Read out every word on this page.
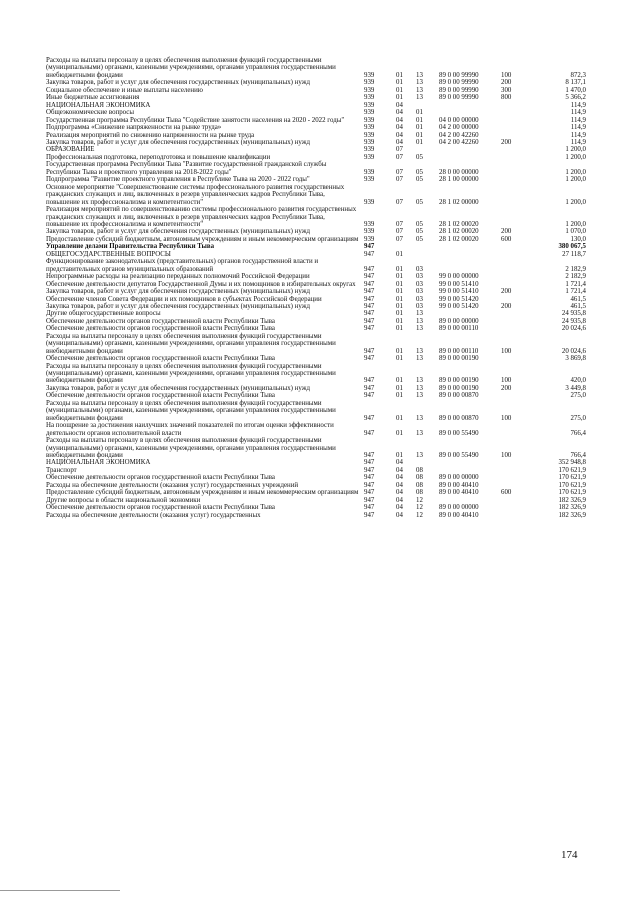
Расходы на выплаты персоналу в целях обеспечения выполнения функций государственными (муниципальными) органами, казенными учреждениями, органами управления государственными внебюджетными фондами	939	01	13	89 0 00 99990	100	872,3
Закупка товаров, работ и услуг для обеспечения государственных (муниципальных) нужд	939	01	13	89 0 00 99990	200	8 137,1
Социальное обеспечение и иные выплаты населению	939	01	13	89 0 00 99990	300	1 470,0
Иные бюджетные ассигнования	939	01	13	89 0 00 99990	800	5 366,2
НАЦИОНАЛЬНАЯ ЭКОНОМИКА	939	04				114,9
Общеэкономические вопросы	939	04	01			114,9
Государственная программа Республики Тыва "Содействие занятости населения на 2020 - 2022 годы"	939	04	01	04 0 00 00000		114,9
Подпрограмма «Снижение напряженности на рынке труда»	939	04	01	04 2 00 00000		114,9
Реализация мероприятий по снижению напряженности на рынке труда	939	04	01	04 2 00 42260		114,9
Закупка товаров, работ и услуг для обеспечения государственных (муниципальных) нужд	939	04	01	04 2 00 42260	200	114,9
ОБРАЗОВАНИЕ	939	07				1 200,0
Профессиональная подготовка, переподготовка и повышение квалификации	939	07	05			1 200,0
Государственная программа Республики Тыва "Развитие государственной гражданской службы Республики Тыва и проектного управления на 2018-2022 годы"	939	07	05	28 0 00 00000		1 200,0
Подпрограмма "Развитие проектного управления в Республике Тыва на 2020 - 2022 годы"	939	07	05	28 1 00 00000		1 200,0
Основное мероприятие "Совершенствование системы профессионального развития государственных гражданских служащих и лиц, включенных в резерв управленческих кадров Республики Тыва, повышение их профессионализма и компетентности"	939	07	05	28 1 02 00000		1 200,0
Реализация мероприятий по совершенствованию системы профессионального развития государственных гражданских служащих и лиц, включенных в резерв управленческих кадров Республики Тыва, повышение их профессионализма и компетентности"	939	07	05	28 1 02 00020		1 200,0
Закупка товаров, работ и услуг для обеспечения государственных (муниципальных) нужд	939	07	05	28 1 02 00020	200	1 070,0
Предоставление субсидий бюджетным, автономным учреждениям и иным некоммерческим организациям	939	07	05	28 1 02 00020	600	130,0
Управление делами Правительства Республики Тыва	947					380 067,5
ОБЩЕГОСУДАРСТВЕННЫЕ ВОПРОСЫ	947	01				27 118,7
Функционирование законодательных (представительных) органов государственной власти и представительных органов муниципальных образований	947	01	03			2 182,9
Непрограммные расходы на реализацию переданных полномочий Российской Федерации	947	01	03	99 0 00 00000		2 182,9
Обеспечение деятельности депутатов Государственной Думы и их помощников в избирательных округах	947	01	03	99 0 00 51410		1 721,4
Закупка товаров, работ и услуг для обеспечения государственных (муниципальных) нужд	947	01	03	99 0 00 51410	200	1 721,4
Обеспечение членов Совета Федерации и их помощников в субъектах Российской Федерации	947	01	03	99 0 00 51420		461,5
Закупка товаров, работ и услуг для обеспечения государственных (муниципальных) нужд	947	01	03	99 0 00 51420	200	461,5
Другие общегосударственные вопросы	947	01	13			24 935,8
Обеспечение деятельности органов государственной власти Республики Тыва	947	01	13	89 0 00 00000		24 935,8
Обеспечение деятельности органов государственной власти Республики Тыва	947	01	13	89 0 00 00110		20 024,6
Расходы на выплаты персоналу в целях обеспечения выполнения функций государственными (муниципальными) органами, казенными учреждениями, органами управления государственными внебюджетными фондами	947	01	13	89 0 00 00110	100	20 024,6
Обеспечение деятельности органов государственной власти Республики Тыва	947	01	13	89 0 00 00190		3 869,8
Расходы на выплаты персоналу в целях обеспечения выполнения функций государственными (муниципальными) органами, казенными учреждениями, органами управления государственными внебюджетными фондами	947	01	13	89 0 00 00190	100	420,0
Закупка товаров, работ и услуг для обеспечения государственных (муниципальных) нужд	947	01	13	89 0 00 00190	200	3 449,8
Обеспечение деятельности органов государственной власти Республики Тыва	947	01	13	89 0 00 00870		275,0
Расходы на выплаты персоналу в целях обеспечения выполнения функций государственными (муниципальными) органами, казенными учреждениями, органами управления государственными внебюджетными фондами	947	01	13	89 0 00 00870	100	275,0
На поощрение за достижения наилучших значений показателей по итогам оценки эффективности деятельности органов исполнительной власти	947	01	13	89 0 00 55490		766,4
Расходы на выплаты персоналу в целях обеспечения выполнения функций государственными (муниципальными) органами, казенными учреждениями, органами управления государственными внебюджетными фондами	947	01	13	89 0 00 55490	100	766,4
НАЦИОНАЛЬНАЯ ЭКОНОМИКА	947	04				352 948,8
Транспорт	947	04	08			170 621,9
Обеспечение деятельности органов государственной власти Республики Тыва	947	04	08	89 0 00 00000		170 621,9
Расходы на обеспечение деятельности (оказания услуг) государственных учреждений	947	04	08	89 0 00 40410		170 621,9
Предоставление субсидий бюджетным, автономным учреждениям и иным некоммерческим организациям	947	04	08	89 0 00 40410	600	170 621,9
Другие вопросы в области национальной экономики	947	04	12			182 326,9
Обеспечение деятельности органов государственной власти Республики Тыва	947	04	12	89 0 00 00000		182 326,9
Расходы на обеспечение деятельности (оказания услуг) государственных	947	04	12	89 0 00 40410		182 326,9
174
